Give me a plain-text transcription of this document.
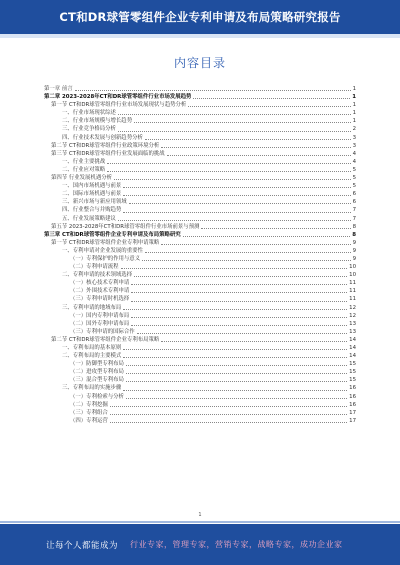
CT和DR球管零组件企业专利申请及布局策略研究报告
内容目录
第一章 前言	1
第二章 2023-2028年CT和DR球管零组件行业市场发展趋势	1
第一节 CT和DR球管零组件行业市场发展现状与趋势分析	1
一、行业市场现状综述	1
二、行业市场规模与增长趋势	1
三、行业竞争格局分析	2
四、行业技术发展与创新趋势分析	3
第二节 CT和DR球管零组件行业政策环境分析	3
第三节 CT和DR球管零组件行业发展面临的挑战	4
一、行业主要挑战	4
二、行业应对策略	5
第四节 行业发展机遇分析	5
一、国内市场机遇与前景	5
二、国际市场机遇与前景	6
三、新兴市场与新应用领域	6
四、行业整合与并购趋势	7
五、行业发展策略建议	7
第五节 2023-2028年CT和DR球管零组件行业市场前景与预测	8
第三章 CT和DR球管零组件企业专利申请及布局策略研究	8
第一节 CT和DR球管零组件企业专利申请策略	9
一、专利申请对企业发展的重要性	9
（一）专利保护的作用与意义	9
（二）专利申请流程	10
二、专利申请的技术领域选择	10
（一）核心技术专利申请	11
（二）外围技术专利申请	11
（三）专利申请时机选择	11
三、专利申请的地域布局	12
（一）国内专利申请布局	12
（二）国外专利申请布局	13
（三）专利申请的国际合作	13
第二节 CT和DR球管零组件企业专利布局策略	14
一、专利布局的基本原则	14
二、专利布局的主要模式	14
（一）防御型专利布局	15
（二）进攻型专利布局	15
（三）混合型专利布局	15
三、专利布局的实施步骤	16
（一）专利检索与分析	16
（二）专利挖掘	16
（三）专利组合	17
（四）专利运营	17
1
让每个人都能成为 行业专家，管理专家，营销专家，战略专家，成功企业家
